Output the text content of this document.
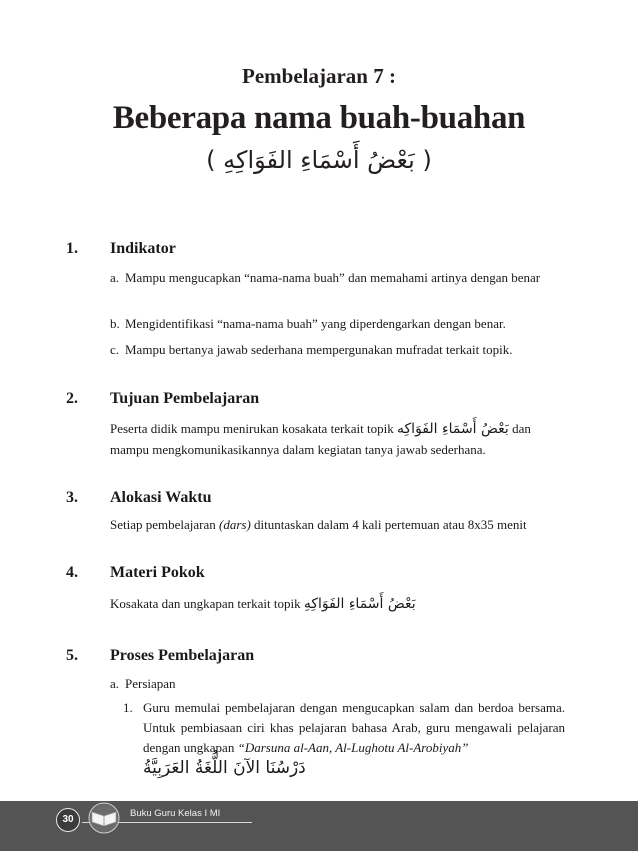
Pembelajaran 7 :
Beberapa nama buah-buahan
( بَعْضُ أَسْمَاءِ الفَوَاكِهِ )
1. Indikator
a. Mampu mengucapkan “nama-nama buah” dan memahami artinya dengan benar
b. Mengidentifikasi “nama-nama buah” yang diperdengarkan dengan benar.
c. Mampu bertanya jawab sederhana mempergunakan mufradat terkait topik.
2. Tujuan Pembelajaran
Peserta didik mampu menirukan kosakata terkait topik بَعْضُ أَسْمَاءِ الفَوَاكِه dan
mampu mengkomunikasikannya dalam kegiatan tanya jawab sederhana.
3. Alokasi Waktu
Setiap pembelajaran (dars) dituntaskan dalam 4 kali pertemuan atau 8x35 menit
4. Materi Pokok
Kosakata dan ungkapan terkait topik بَعْضُ أَسْمَاءِ الفَوَاكِهِ
5. Proses Pembelajaran
a. Persiapan
1. Guru memulai pembelajaran dengan mengucapkan salam dan berdoa bersama. Untuk pembiasaan ciri khas pelajaran bahasa Arab, guru mengawali pelajaran dengan ungkapan “Darsuna al-Aan, Al-Lughotu Al-Arobiyah”
دَرْسُنَا الآنَ اللُّغَةُ العَرَبِيَّةُ
30
Buku Guru Kelas I MI
